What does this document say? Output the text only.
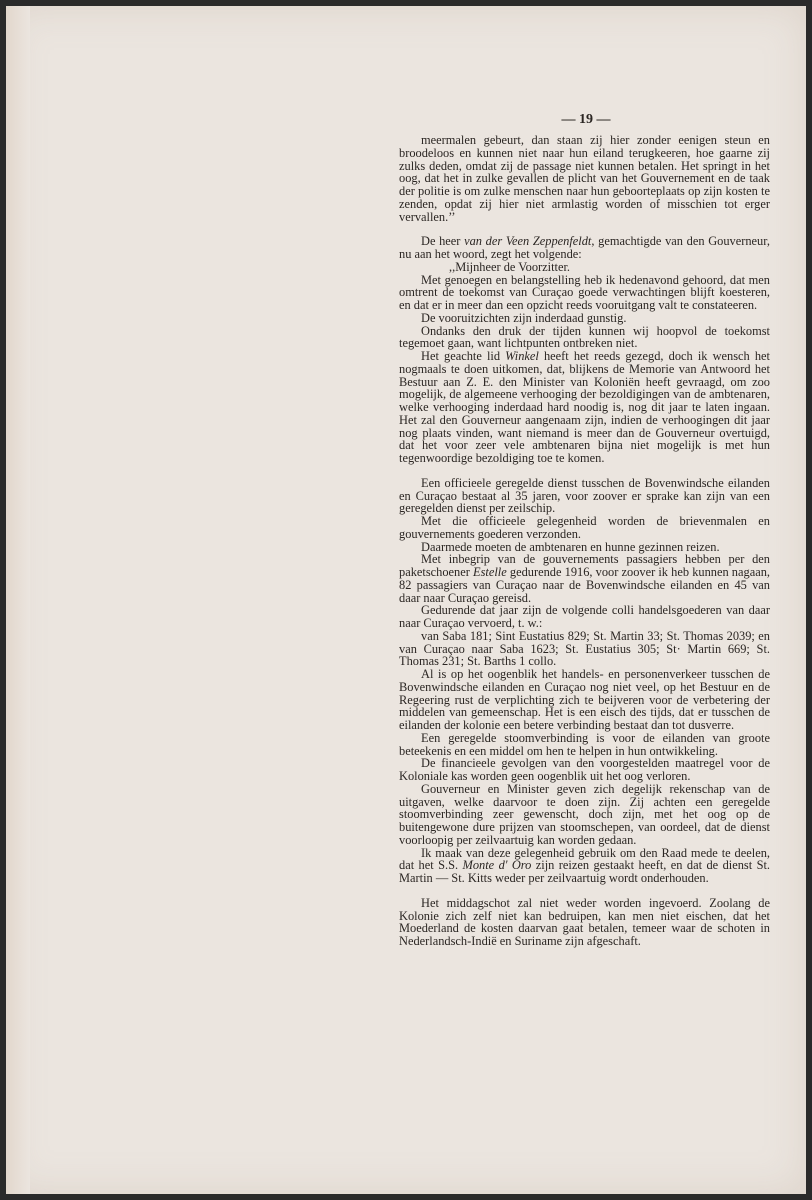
— 19 —

meermalen gebeurt, dan staan zij hier zonder eenigen steun en broodeloos en kunnen niet naar hun eiland terugkeeren, hoe gaarne zij zulks deden, omdat zij de passage niet kunnen betalen. Het springt in het oog, dat het in zulke gevallen de plicht van het Gouvernement en de taak der politie is om zulke menschen naar hun geboorteplaats op zijn kosten te zenden, opdat zij hier niet armlastig worden of misschien tot erger vervallen.’’

De heer van der Veen Zeppenfeldt, gemachtigde van den Gouverneur, nu aan het woord, zegt het volgende:

,,Mijnheer de Voorzitter.

Met genoegen en belangstelling heb ik hedenavond gehoord, dat men omtrent de toekomst van Curaçao goede verwachtingen blijft koesteren, en dat er in meer dan een opzicht reeds vooruitgang valt te constateeren.

De vooruitzichten zijn inderdaad gunstig.

Ondanks den druk der tijden kunnen wij hoopvol de toekomst tegemoet gaan, want lichtpunten ontbreken niet.

Het geachte lid Winkel heeft het reeds gezegd, doch ik wensch het nogmaals te doen uitkomen, dat, blijkens de Memorie van Antwoord het Bestuur aan Z. E. den Minister van Koloniën heeft gevraagd, om zoo mogelijk, de algemeene verhooging der bezoldigingen van de ambtenaren, welke verhooging inderdaad hard noodig is, nog dit jaar te laten ingaan. Het zal den Gouverneur aangenaam zijn, indien de verhoogingen dit jaar nog plaats vinden, want niemand is meer dan de Gouverneur overtuigd, dat het voor zeer vele ambtenaren bijna niet mogelijk is met hun tegenwoordige bezoldiging toe te komen.

Een officieele geregelde dienst tusschen de Bovenwindsche eilanden en Curaçao bestaat al 35 jaren, voor zoover er sprake kan zijn van een geregelden dienst per zeilschip.

Met die officieele gelegenheid worden de brievenmalen en gouvernements goederen verzonden.

Daarmede moeten de ambtenaren en hunne gezinnen reizen.

Met inbegrip van de gouvernements passagiers hebben per den paketschoener Estelle gedurende 1916, voor zoover ik heb kunnen nagaan, 82 passagiers van Curaçao naar de Bovenwindsche eilanden en 45 van daar naar Curaçao gereisd.

Gedurende dat jaar zijn de volgende colli handelsgoederen van daar naar Curaçao vervoerd, t. w.:

van Saba 181; Sint Eustatius 829; St. Martin 33; St. Thomas 2039; en van Curaçao naar Saba 1623; St. Eustatius 305; St· Martin 669; St. Thomas 231; St. Barths 1 collo.

Al is op het oogenblik het handels- en personenverkeer tusschen de Bovenwindsche eilanden en Curaçao nog niet veel, op het Bestuur en de Regeering rust de verplichting zich te beijveren voor de verbetering der middelen van gemeenschap. Het is een eisch des tijds, dat er tusschen de eilanden der kolonie een betere verbinding bestaat dan tot dusverre.

Een geregelde stoomverbinding is voor de eilanden van groote beteekenis en een middel om hen te helpen in hun ontwikkeling.

De financieele gevolgen van den voorgestelden maatregel voor de Koloniale kas worden geen oogenblik uit het oog verloren.

Gouverneur en Minister geven zich degelijk rekenschap van de uitgaven, welke daarvoor te doen zijn. Zij achten een geregelde stoomverbinding zeer gewenscht, doch zijn, met het oog op de buitengewone dure prijzen van stoomschepen, van oordeel, dat de dienst voorloopig per zeilvaartuig kan worden gedaan.

Ik maak van deze gelegenheid gebruik om den Raad mede te deelen, dat het S.S. Monte d' Oro zijn reizen gestaakt heeft, en dat de dienst St. Martin — St. Kitts weder per zeilvaartuig wordt onderhouden.

Het middagschot zal niet weder worden ingevoerd. Zoolang de Kolonie zich zelf niet kan bedruipen, kan men niet eischen, dat het Moederland de kosten daarvan gaat betalen, temeer waar de schoten in Nederlandsch-Indië en Suriname zijn afgeschaft.
